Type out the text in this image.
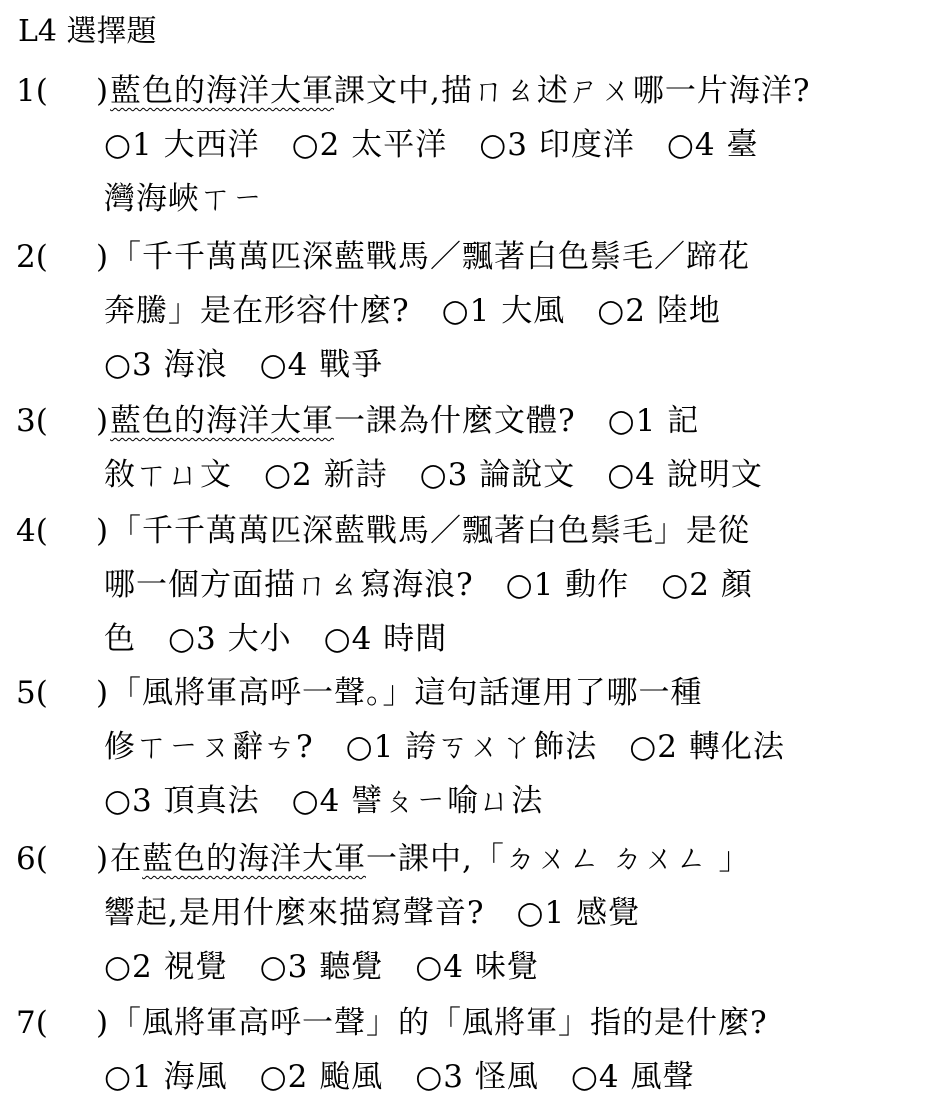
L4 選擇題
1( ) 藍色的海洋大軍課文中,描ㄇㄠ述ㄕㄨ哪一片海洋?
○1 大西洋　○2 太平洋　○3 印度洋　○4 臺
灣海峽ㄒㄧ
2( ) 「千千萬萬匹深藍戰馬／飄著白色鬃毛／蹄花
奔騰」是在形容什麼?　○1 大風　○2 陸地
○3 海浪　○4 戰爭
3( ) 藍色的海洋大軍一課為什麼文體?　○1 記
敘ㄒㄩ文　○2 新詩　○3 論說文　○4 說明文
4( ) 「千千萬萬匹深藍戰馬／飄著白色鬃毛」是從
哪一個方面描ㄇㄠ寫海浪?　○1 動作　○2 顏
色　○3 大小　○4 時間
5( ) 「風將軍高呼一聲。」這句話運用了哪一種
修ㄒㄧㄡ辭ㄘ?　○1 誇ㄎㄨㄚ飾法　○2 轉化法
○3 頂真法　○4 譬ㄆㄧ喻ㄩ法
6( ) 在藍色的海洋大軍一課中,「ㄉㄨㄥ ㄉㄨㄥ 」
響起,是用什麼來描寫聲音?　○1 感覺
○2 視覺　○3 聽覺　○4 味覺
7( ) 「風將軍高呼一聲」的「風將軍」指的是什麼?
○1 海風　○2 颱風　○3 怪風　○4 風聲
